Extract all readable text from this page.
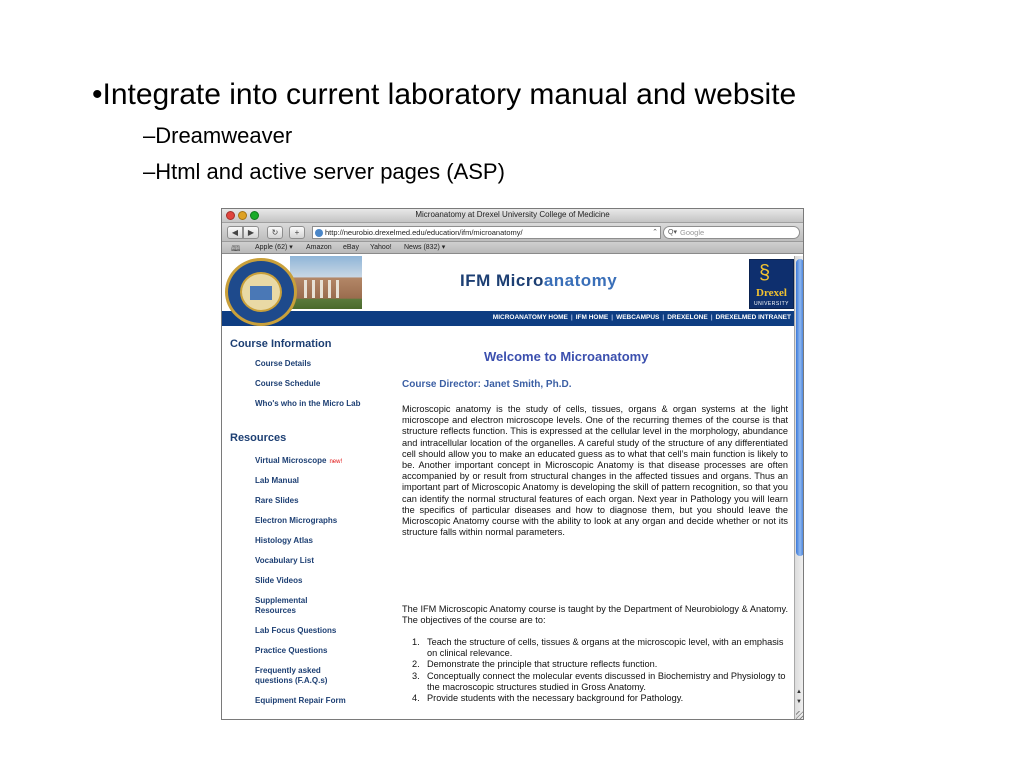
•Integrate into current laboratory manual and website
–Dreamweaver
–Html and active server pages (ASP)
Microanatomy at Drexel University College of Medicine
◀	▶	↻	+	http://neurobio.drexelmed.edu/education/ifm/microanatomy/	⌃ Q▾ Google
🕮 Apple (62) ▾ Amazon eBay Yahoo! News (832) ▾
IFM Microanatomy	§
Drexel
UNIVERSITY
MICROANATOMY HOME | IFM HOME | WEBCAMPUS | DREXELONE | DREXELMED INTRANET
Course Information
Course Details
Course Schedule
Who's who in the Micro Lab
Resources
Virtual Microscope new!
Lab Manual
Rare Slides
Electron Micrographs
Histology Atlas
Vocabulary List
Slide Videos
Supplemental Resources
Lab Focus Questions
Practice Questions
Frequently asked questions (F.A.Q.s)
Equipment Repair Form
Welcome to Microanatomy
Course Director: Janet Smith, Ph.D.

Microscopic anatomy is the study of cells, tissues, organs & organ systems at the light microscope and electron microscope levels. One of the recurring themes of the course is that structure reflects function. This is expressed at the cellular level in the morphology, abundance and intracellular location of the organelles. A careful study of the structure of any differentiated cell should allow you to make an educated guess as to what that cell’s main function is likely to be. Another important concept in Microscopic Anatomy is that disease processes are often accompanied by or result from structural changes in the affected tissues and organs. Thus an important part of Microscopic Anatomy is developing the skill of pattern recognition, so that you can identify the normal structural features of each organ. Next year in Pathology you will learn the specifics of particular diseases and how to diagnose them, but you should leave the Microscopic Anatomy course with the ability to look at any organ and decide whether or not its structure falls within normal parameters.

The IFM Microscopic Anatomy course is taught by the Department of Neurobiology & Anatomy. The objectives of the course are to:

1. Teach the structure of cells, tissues & organs at the microscopic level, with an emphasis on clinical relevance.
2. Demonstrate the principle that structure reflects function.
3. Conceptually connect the molecular events discussed in Biochemistry and Physiology to the macroscopic structures studied in Gross Anatomy.
4. Provide students with the necessary background for Pathology.
▲
▼
